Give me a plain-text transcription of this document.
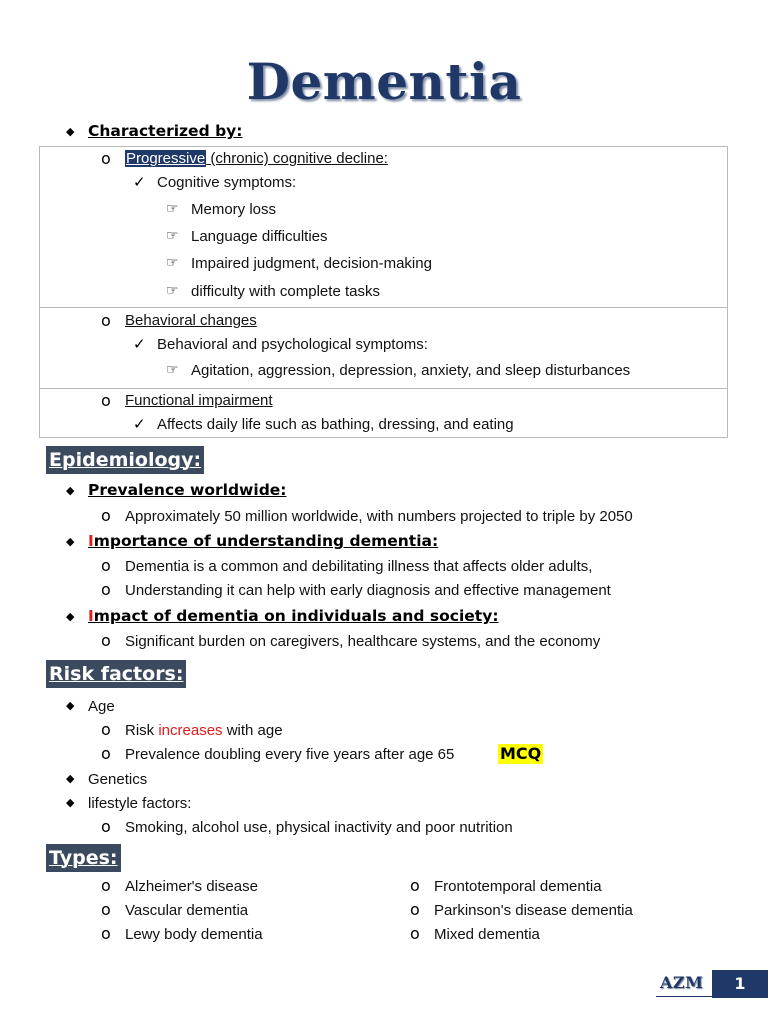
Dementia
◆ Characterized by:
o Progressive (chronic) cognitive decline:
✓ Cognitive symptoms:
☞ Memory loss
☞ Language difficulties
☞ Impaired judgment, decision-making
☞ difficulty with complete tasks
o Behavioral changes
✓ Behavioral and psychological symptoms:
☞ Agitation, aggression, depression, anxiety, and sleep disturbances
o Functional impairment
✓ Affects daily life such as bathing, dressing, and eating
Epidemiology:
◆ Prevalence worldwide:
o Approximately 50 million worldwide, with numbers projected to triple by 2050
◆ Importance of understanding dementia:
o Dementia is a common and debilitating illness that affects older adults,
o Understanding it can help with early diagnosis and effective management
◆ Impact of dementia on individuals and society:
o Significant burden on caregivers, healthcare systems, and the economy
Risk factors:
◆ Age
o Risk increases with age
o Prevalence doubling every five years after age 65	MCQ
◆ Genetics
◆ lifestyle factors:
o Smoking, alcohol use, physical inactivity and poor nutrition
Types:
o Alzheimer's disease
o Vascular dementia
o Lewy body dementia
o Frontotemporal dementia
o Parkinson's disease dementia
o Mixed dementia
AZM	1
